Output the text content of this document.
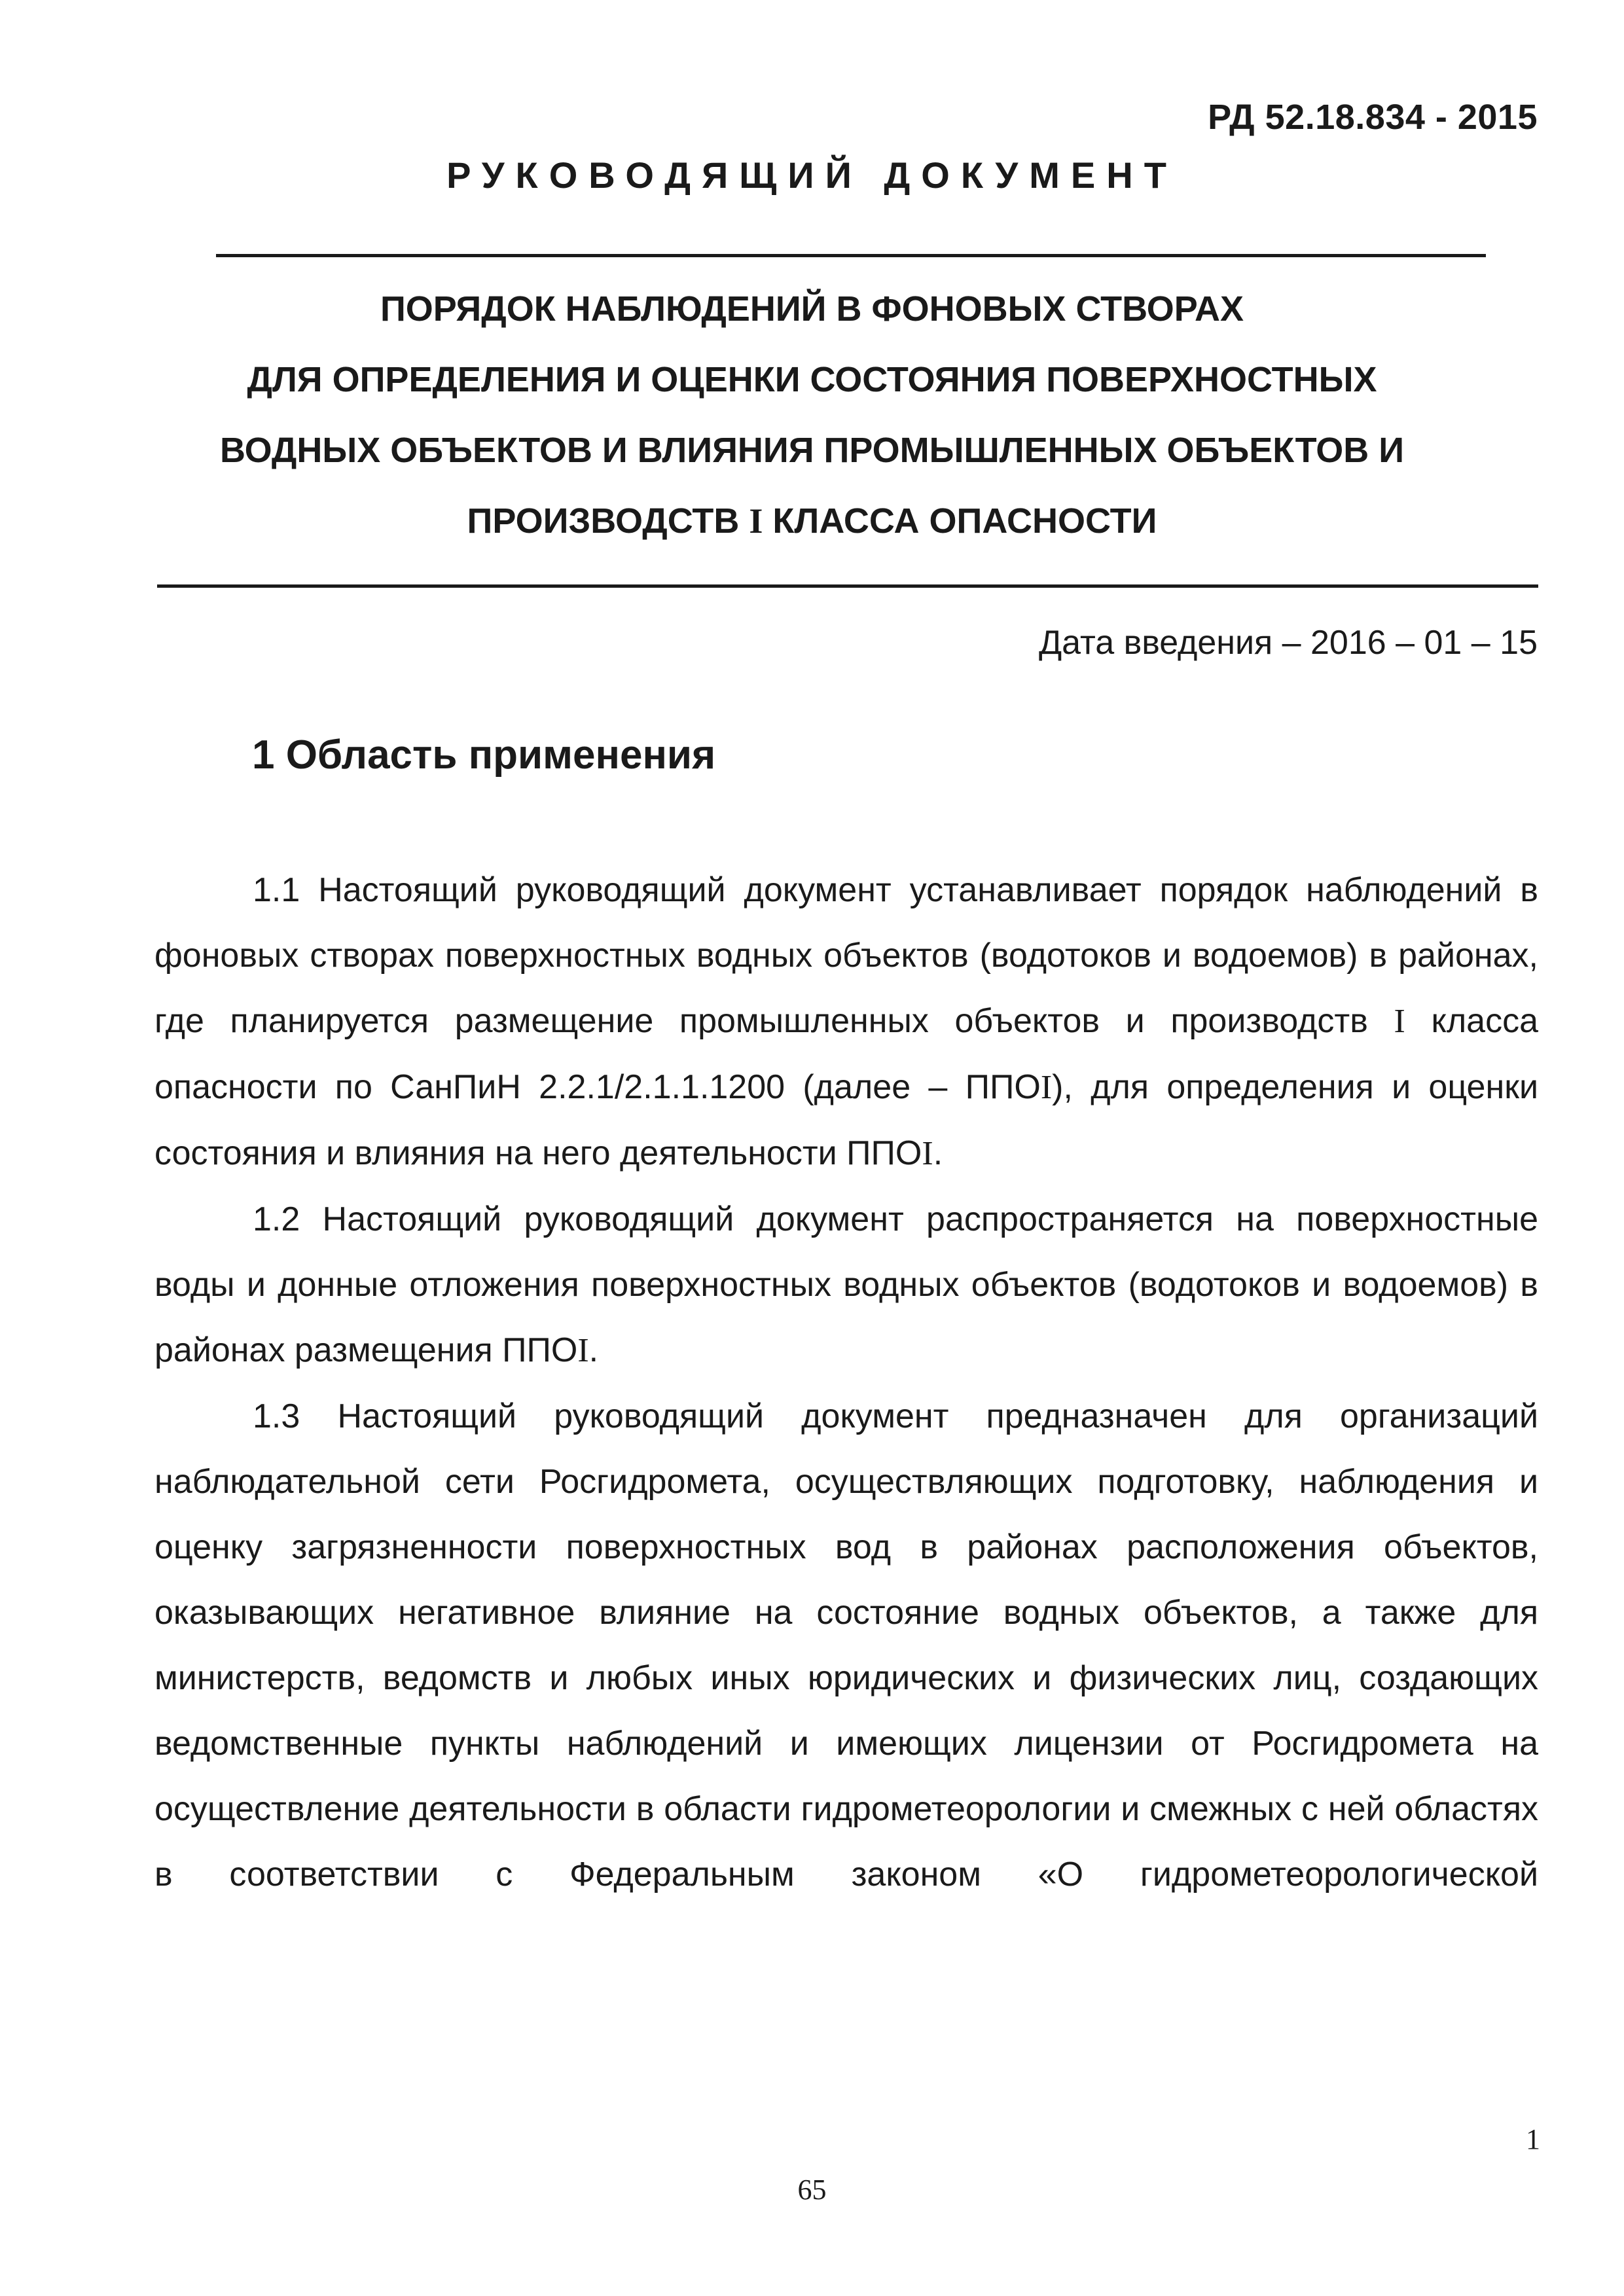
РД 52.18.834 - 2015
РУКОВОДЯЩИЙ ДОКУМЕНТ
ПОРЯДОК НАБЛЮДЕНИЙ В ФОНОВЫХ СТВОРАХ
ДЛЯ ОПРЕДЕЛЕНИЯ И ОЦЕНКИ СОСТОЯНИЯ ПОВЕРХНОСТНЫХ
ВОДНЫХ ОБЪЕКТОВ И ВЛИЯНИЯ ПРОМЫШЛЕННЫХ ОБЪЕКТОВ И
ПРОИЗВОДСТВ I КЛАССА ОПАСНОСТИ
Дата введения – 2016 – 01 – 15
1 Область применения

1.1 Настоящий руководящий документ устанавливает порядок наблюдений в фоновых створах поверхностных водных объектов (водотоков и водоемов) в районах, где планируется размещение промышленных объектов и производств I класса опасности по СанПиН 2.2.1/2.1.1.1200 (далее – ППОI), для определения и оценки состояния и влияния на него деятельности ППОI.

1.2 Настоящий руководящий документ распространяется на поверхностные воды и донные отложения поверхностных водных объектов (водотоков и водоемов) в районах размещения ППОI.

1.3 Настоящий руководящий документ предназначен для организаций наблюдательной сети Росгидромета, осуществляющих подготовку, наблюдения и оценку загрязненности поверхностных вод в районах расположения объектов, оказывающих негативное влияние на состояние водных объектов, а также для министерств, ведомств и любых иных юридических и физических лиц, создающих ведомственные пункты наблюдений и имеющих лицензии от Росгидромета на осуществление деятельности в области гидрометеорологии и смежных с ней областях в соответствии с Федеральным законом «О гидрометеорологической

1
65
